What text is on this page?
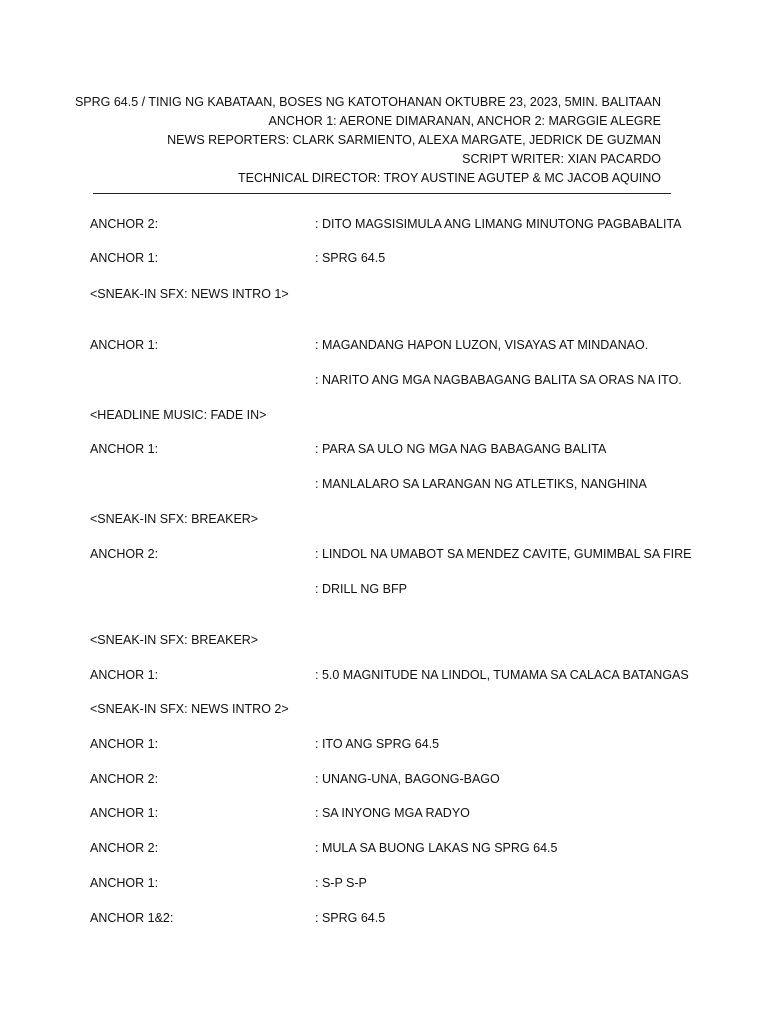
SPRG 64.5 / TINIG NG KABATAAN, BOSES NG KATOTOHANAN OKTUBRE 23, 2023, 5MIN. BALITAAN
ANCHOR 1: AERONE DIMARANAN, ANCHOR 2: MARGGIE ALEGRE
NEWS REPORTERS: CLARK SARMIENTO, ALEXA MARGATE, JEDRICK DE GUZMAN
SCRIPT WRITER: XIAN PACARDO
TECHNICAL DIRECTOR: TROY AUSTINE AGUTEP & MC JACOB AQUINO
ANCHOR 2:	: DITO MAGSISIMULA ANG LIMANG MINUTONG PAGBABALITA
ANCHOR 1:	: SPRG 64.5
<SNEAK-IN SFX: NEWS INTRO 1>
ANCHOR 1:	: MAGANDANG HAPON LUZON, VISAYAS AT MINDANAO.
: NARITO ANG MGA NAGBABAGANG BALITA SA ORAS NA ITO.
<HEADLINE MUSIC: FADE IN>
ANCHOR 1:	: PARA SA ULO NG MGA NAG BABAGANG BALITA
: MANLALARO SA LARANGAN NG ATLETIKS, NANGHINA
<SNEAK-IN SFX: BREAKER>
ANCHOR 2:	: LINDOL NA UMABOT SA MENDEZ CAVITE, GUMIMBAL SA FIRE
: DRILL NG BFP
<SNEAK-IN SFX: BREAKER>
ANCHOR 1:	: 5.0 MAGNITUDE NA LINDOL, TUMAMA SA CALACA BATANGAS
<SNEAK-IN SFX: NEWS INTRO 2>
ANCHOR 1:	: ITO ANG SPRG 64.5
ANCHOR 2:	: UNANG-UNA, BAGONG-BAGO
ANCHOR 1:	: SA INYONG MGA RADYO
ANCHOR 2:	: MULA SA BUONG LAKAS NG SPRG 64.5
ANCHOR 1:	: S-P S-P
ANCHOR 1&2:	: SPRG 64.5
